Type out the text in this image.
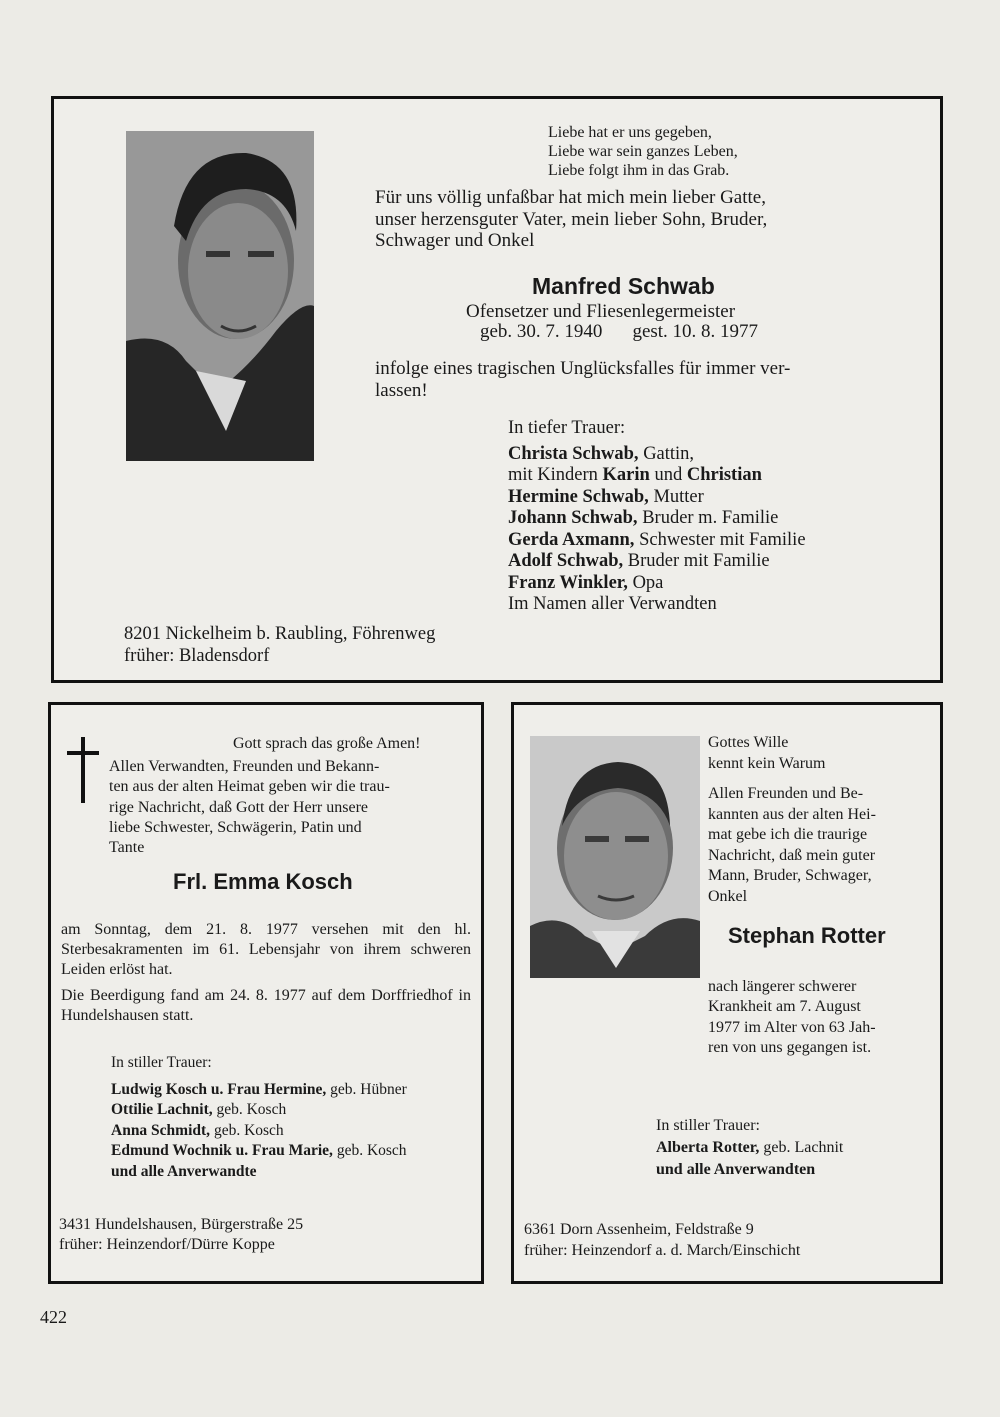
Liebe hat er uns gegeben,
Liebe war sein ganzes Leben,
Liebe folgt ihm in das Grab.
Für uns völlig unfaßbar hat mich mein lieber Gatte,
unser herzensguter Vater, mein lieber Sohn, Bruder,
Schwager und Onkel
Manfred Schwab
Ofensetzer und Fliesenlegermeister
geb. 30. 7. 1940 gest. 10. 8. 1977
infolge eines tragischen Unglücksfalles für immer ver-
lassen!
In tiefer Trauer:
Christa Schwab, Gattin,
mit Kindern Karin und Christian
Hermine Schwab, Mutter
Johann Schwab, Bruder m. Familie
Gerda Axmann, Schwester mit Familie
Adolf Schwab, Bruder mit Familie
Franz Winkler, Opa
Im Namen aller Verwandten
8201 Nickelheim b. Raubling, Föhrenweg
früher: Bladensdorf
Gott sprach das große Amen!
Allen Verwandten, Freunden und Bekann-
ten aus der alten Heimat geben wir die trau-
rige Nachricht, daß Gott der Herr unsere
liebe Schwester, Schwägerin, Patin und
Tante
Frl. Emma Kosch

am Sonntag, dem 21. 8. 1977 versehen mit den hl. Sterbesakramenten im 61. Lebensjahr von ihrem schweren Leiden erlöst hat.

Die Beerdigung fand am 24. 8. 1977 auf dem Dorffriedhof in Hundelshausen statt.

In stiller Trauer:
Ludwig Kosch u. Frau Hermine, geb. Hübner
Ottilie Lachnit, geb. Kosch
Anna Schmidt, geb. Kosch
Edmund Wochnik u. Frau Marie, geb. Kosch
und alle Anverwandte
3431 Hundelshausen, Bürgerstraße 25
früher: Heinzendorf/Dürre Koppe
Gottes Wille
kennt kein Warum
Allen Freunden und Be-
kannten aus der alten Hei-
mat gebe ich die traurige
Nachricht, daß mein guter
Mann, Bruder, Schwager,
Onkel
Stephan Rotter
nach längerer schwerer
Krankheit am 7. August
1977 im Alter von 63 Jah-
ren von uns gegangen ist.
In stiller Trauer:
Alberta Rotter, geb. Lachnit
und alle Anverwandten
6361 Dorn Assenheim, Feldstraße 9
früher: Heinzendorf a. d. March/Einschicht
422
